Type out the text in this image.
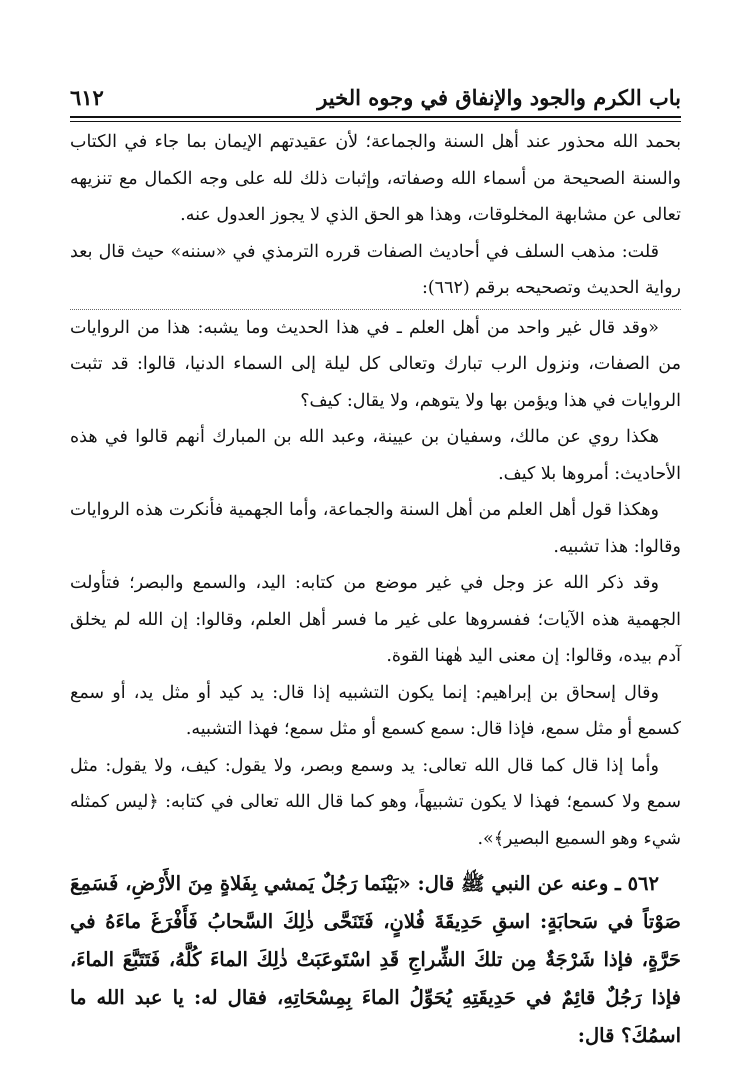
باب الكرم والجود والإنفاق في وجوه الخير
٦١٢

بحمد الله محذور عند أهل السنة والجماعة؛ لأن عقيدتهم الإيمان بما جاء في الكتاب والسنة الصحيحة من أسماء الله وصفاته، وإثبات ذلك لله على وجه الكمال مع تنزيهه تعالى عن مشابهة المخلوقات، وهذا هو الحق الذي لا يجوز العدول عنه.

قلت: مذهب السلف في أحاديث الصفات قرره الترمذي في «سننه» حيث قال بعد رواية الحديث وتصحيحه برقم (٦٦٢):

«وقد قال غير واحد من أهل العلم ـ في هذا الحديث وما يشبه: هذا من الروايات من الصفات، ونزول الرب تبارك وتعالى كل ليلة إلى السماء الدنيا، قالوا: قد تثبت الروايات في هذا ويؤمن بها ولا يتوهم، ولا يقال: كيف؟

هكذا روي عن مالك، وسفيان بن عيينة، وعبد الله بن المبارك أنهم قالوا في هذه الأحاديث: أمروها بلا كيف.

وهكذا قول أهل العلم من أهل السنة والجماعة، وأما الجهمية فأنكرت هذه الروايات وقالوا: هذا تشبيه.

وقد ذكر الله عز وجل في غير موضع من كتابه: اليد، والسمع والبصر؛ فتأولت الجهمية هذه الآيات؛ ففسروها على غير ما فسر أهل العلم، وقالوا: إن الله لم يخلق آدم بيده، وقالوا: إن معنى اليد هٰهنا القوة.

وقال إسحاق بن إبراهيم: إنما يكون التشبيه إذا قال: يد كيد أو مثل يد، أو سمع كسمع أو مثل سمع، فإذا قال: سمع كسمع أو مثل سمع؛ فهذا التشبيه.

وأما إذا قال كما قال الله تعالى: يد وسمع وبصر، ولا يقول: كيف، ولا يقول: مثل سمع ولا كسمع؛ فهذا لا يكون تشبيهاً، وهو كما قال الله تعالى في كتابه: ﴿ليس كمثله شيء وهو السميع البصير﴾».

٥٦٢ ـ وعنه عن النبي ﷺ قال: «بَيْنَما رَجُلٌ يَمشي بِفَلاةٍ مِنَ الأَرْضِ، فَسَمِعَ صَوْتاً في سَحابَةٍ: اسقِ حَدِيقَةَ فُلانٍ، فَتَنَحَّى ذٰلِكَ السَّحابُ فَأَفْرَغَ ماءَهُ في حَرَّةٍ، فإذا شَرْجَةٌ مِن تلكَ الشِّراجِ قَدِ اسْتَوعَبَتْ ذٰلِكَ الماءَ كُلَّهُ، فَتَتَبَّعَ الماءَ، فإذا رَجُلٌ قائِمٌ في حَدِيقَتِهِ يُحَوِّلُ الماءَ بِمِسْحَاتِهِ، فقال له: يا عبد الله ما اسمُكَ؟ قال:
